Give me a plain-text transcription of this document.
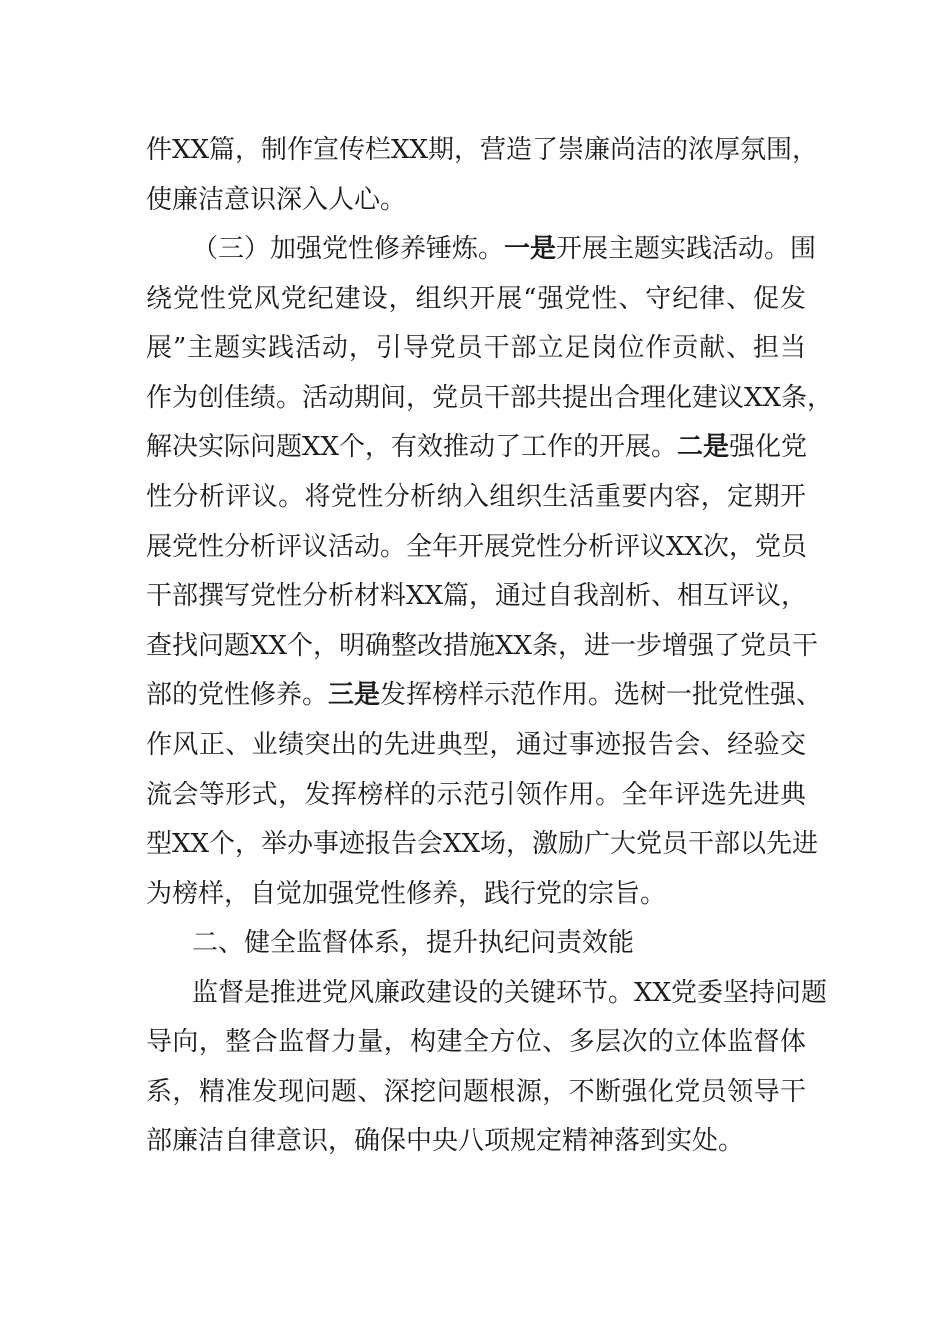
件XX篇，制作宣传栏XX期，营造了崇廉尚洁的浓厚氛围，
使廉洁意识深入人心。
（三）加强党性修养锤炼。一是开展主题实践活动。围
绕党性党风党纪建设，组织开展“强党性、守纪律、促发
展”主题实践活动，引导党员干部立足岗位作贡献、担当
作为创佳绩。活动期间，党员干部共提出合理化建议XX条，
解决实际问题XX个，有效推动了工作的开展。二是强化党
性分析评议。将党性分析纳入组织生活重要内容，定期开
展党性分析评议活动。全年开展党性分析评议XX次，党员
干部撰写党性分析材料XX篇，通过自我剖析、相互评议，
查找问题XX个，明确整改措施XX条，进一步增强了党员干
部的党性修养。三是发挥榜样示范作用。选树一批党性强、
作风正、业绩突出的先进典型，通过事迹报告会、经验交
流会等形式，发挥榜样的示范引领作用。全年评选先进典
型XX个，举办事迹报告会XX场，激励广大党员干部以先进
为榜样，自觉加强党性修养，践行党的宗旨。
二、健全监督体系，提升执纪问责效能
监督是推进党风廉政建设的关键环节。XX党委坚持问题
导向，整合监督力量，构建全方位、多层次的立体监督体
系，精准发现问题、深挖问题根源，不断强化党员领导干
部廉洁自律意识，确保中央八项规定精神落到实处。
